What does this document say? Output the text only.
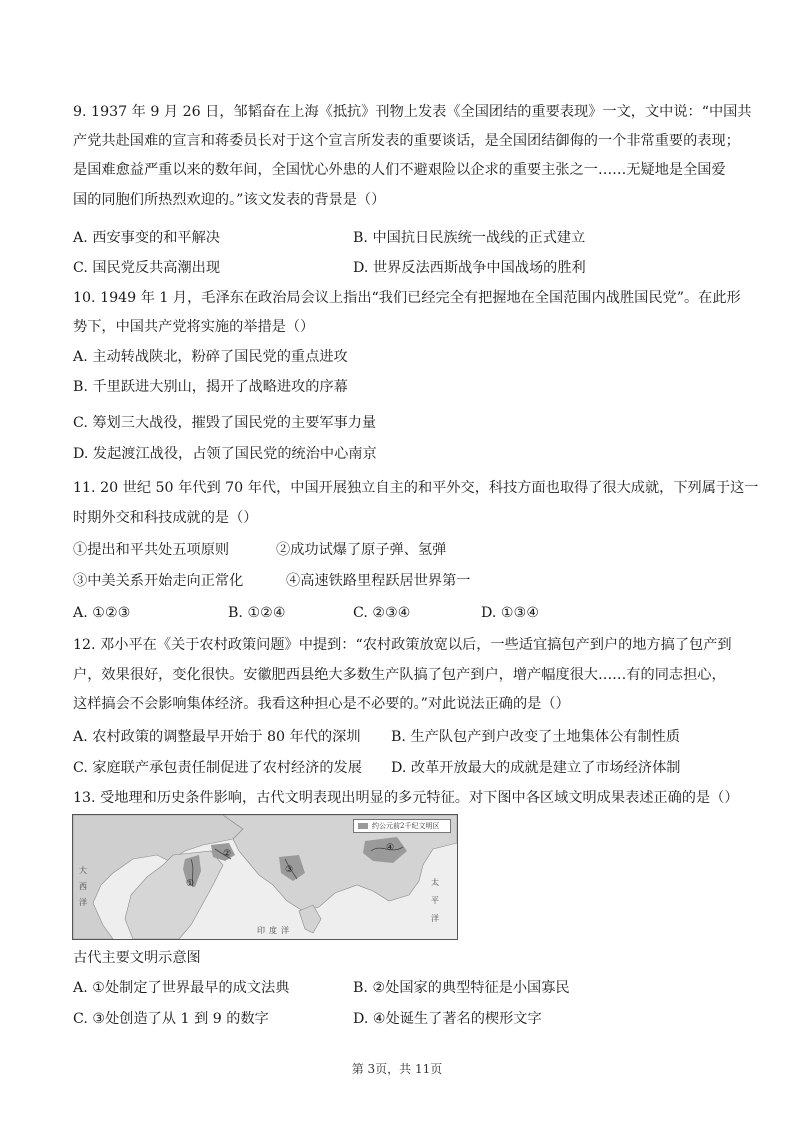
9. 1937 年 9 月 26 日，邹韬奋在上海《抵抗》刊物上发表《全国团结的重要表现》一文，文中说：“中国共
产党共赴国难的宣言和蒋委员长对于这个宣言所发表的重要谈话，是全国团结御侮的一个非常重要的表现；
是国难愈益严重以来的数年间，全国忧心外患的人们不避艰险以企求的重要主张之一……无疑地是全国爱
国的同胞们所热烈欢迎的。”该文发表的背景是（）
A. 西安事变的和平解决	B. 中国抗日民族统一战线的正式建立
C. 国民党反共高潮出现	D. 世界反法西斯战争中国战场的胜利
10. 1949 年 1 月，毛泽东在政治局会议上指出“我们已经完全有把握地在全国范围内战胜国民党”。在此形
势下，中国共产党将实施的举措是（）
A. 主动转战陕北，粉碎了国民党的重点进攻
B. 千里跃进大别山，揭开了战略进攻的序幕
C. 筹划三大战役，摧毁了国民党的主要军事力量
D. 发起渡江战役，占领了国民党的统治中心南京
11. 20 世纪 50 年代到 70 年代，中国开展独立自主的和平外交，科技方面也取得了很大成就，下列属于这一
时期外交和科技成就的是（）
①提出和平共处五项原则	②成功试爆了原子弹、氢弹
③中美关系开始走向正常化	④高速铁路里程跃居世界第一
A. ①②③	B. ①②④	C. ②③④	D. ①③④
12. 邓小平在《关于农村政策问题》中提到：“农村政策放宽以后，一些适宜搞包产到户的地方搞了包产到
户，效果很好，变化很快。安徽肥西县绝大多数生产队搞了包产到户，增产幅度很大……有的同志担心，
这样搞会不会影响集体经济。我看这种担心是不必要的。”对此说法正确的是（）
A. 农村政策的调整最早开始于 80 年代的深圳 B. 生产队包产到户改变了土地集体公有制性质
C. 家庭联产承包责任制促进了农村经济的发展 D. 改革开放最大的成就是建立了市场经济体制
13. 受地理和历史条件影响，古代文明表现出明显的多元特征。对下图中各区域文明成果表述正确的是（）
约公元前2千纪文明区
①
②
③
④
大
西
洋
印 度 洋
太
平
洋
古代主要文明示意图
A. ①处制定了世界最早的成文法典	B. ②处国家的典型特征是小国寡民
C. ③处创造了从 1 到 9 的数字	D. ④处诞生了著名的楔形文字
第 3页，共 11页
